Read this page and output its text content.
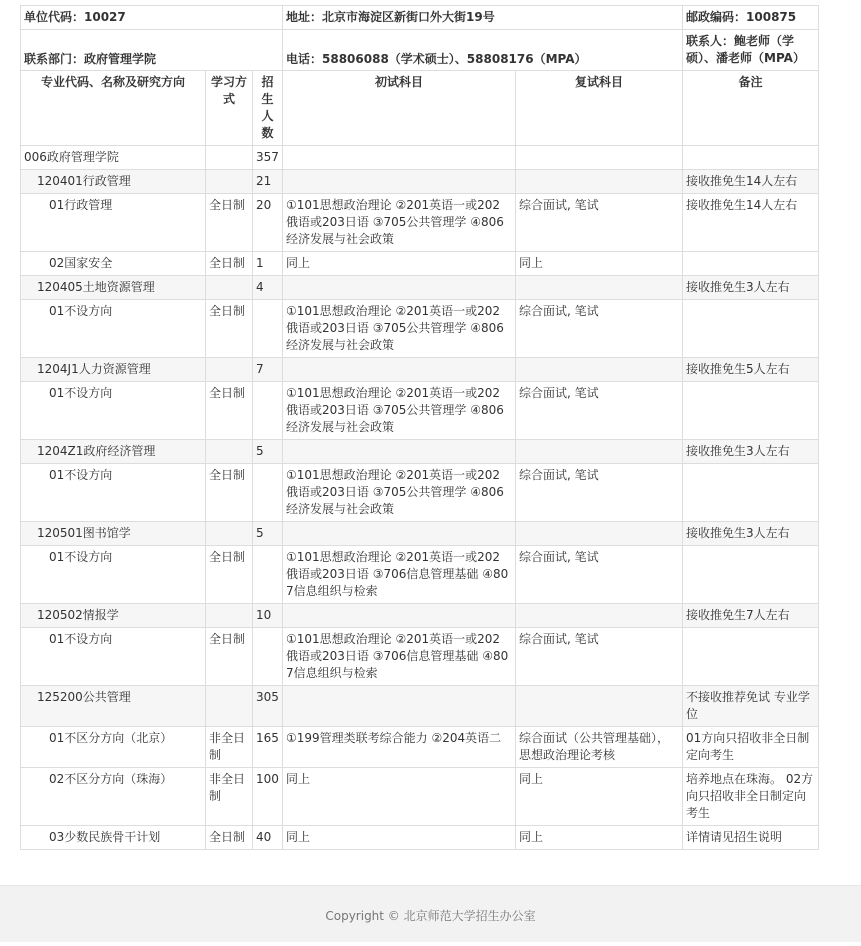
单位代码：10027			地址：北京市海淀区新街口外大街19号		邮政编码：100875
联系部门：政府管理学院			电话：58806088（学术硕士）、58808176（MPA）		联系人：鲍老师（学硕）、潘老师（MPA）
专业代码、名称及研究方向	学习方式	招生人数	初试科目	复试科目	备注
006政府管理学院		357			
120401行政管理		21			接收推免生14人左右
01行政管理	全日制	20	①101思想政治理论 ②201英语一或202俄语或203日语 ③705公共管理学 ④806经济发展与社会政策	综合面试, 笔试	接收推免生14人左右
02国家安全	全日制	1	同上	同上	
120405土地资源管理		4			接收推免生3人左右
01不设方向	全日制		①101思想政治理论 ②201英语一或202俄语或203日语 ③705公共管理学 ④806经济发展与社会政策	综合面试, 笔试	
1204J1人力资源管理		7			接收推免生5人左右
01不设方向	全日制		①101思想政治理论 ②201英语一或202俄语或203日语 ③705公共管理学 ④806经济发展与社会政策	综合面试, 笔试	
1204Z1政府经济管理		5			接收推免生3人左右
01不设方向	全日制		①101思想政治理论 ②201英语一或202俄语或203日语 ③705公共管理学 ④806经济发展与社会政策	综合面试, 笔试	
120501图书馆学		5			接收推免生3人左右
01不设方向	全日制		①101思想政治理论 ②201英语一或202俄语或203日语 ③706信息管理基础 ④807信息组织与检索	综合面试, 笔试	
120502情报学		10			接收推免生7人左右
01不设方向	全日制		①101思想政治理论 ②201英语一或202俄语或203日语 ③706信息管理基础 ④807信息组织与检索	综合面试, 笔试	
125200公共管理		305			不接收推荐免试 专业学位
01不区分方向（北京）	非全日制	165	①199管理类联考综合能力 ②204英语二	综合面试（公共管理基础），思想政治理论考核	01方向只招收非全日制定向考生
02不区分方向（珠海）	非全日制	100	同上	同上	培养地点在珠海。 02方向只招收非全日制定向考生
03少数民族骨干计划	全日制	40	同上	同上	详情请见招生说明
Copyright © 北京师范大学招生办公室
